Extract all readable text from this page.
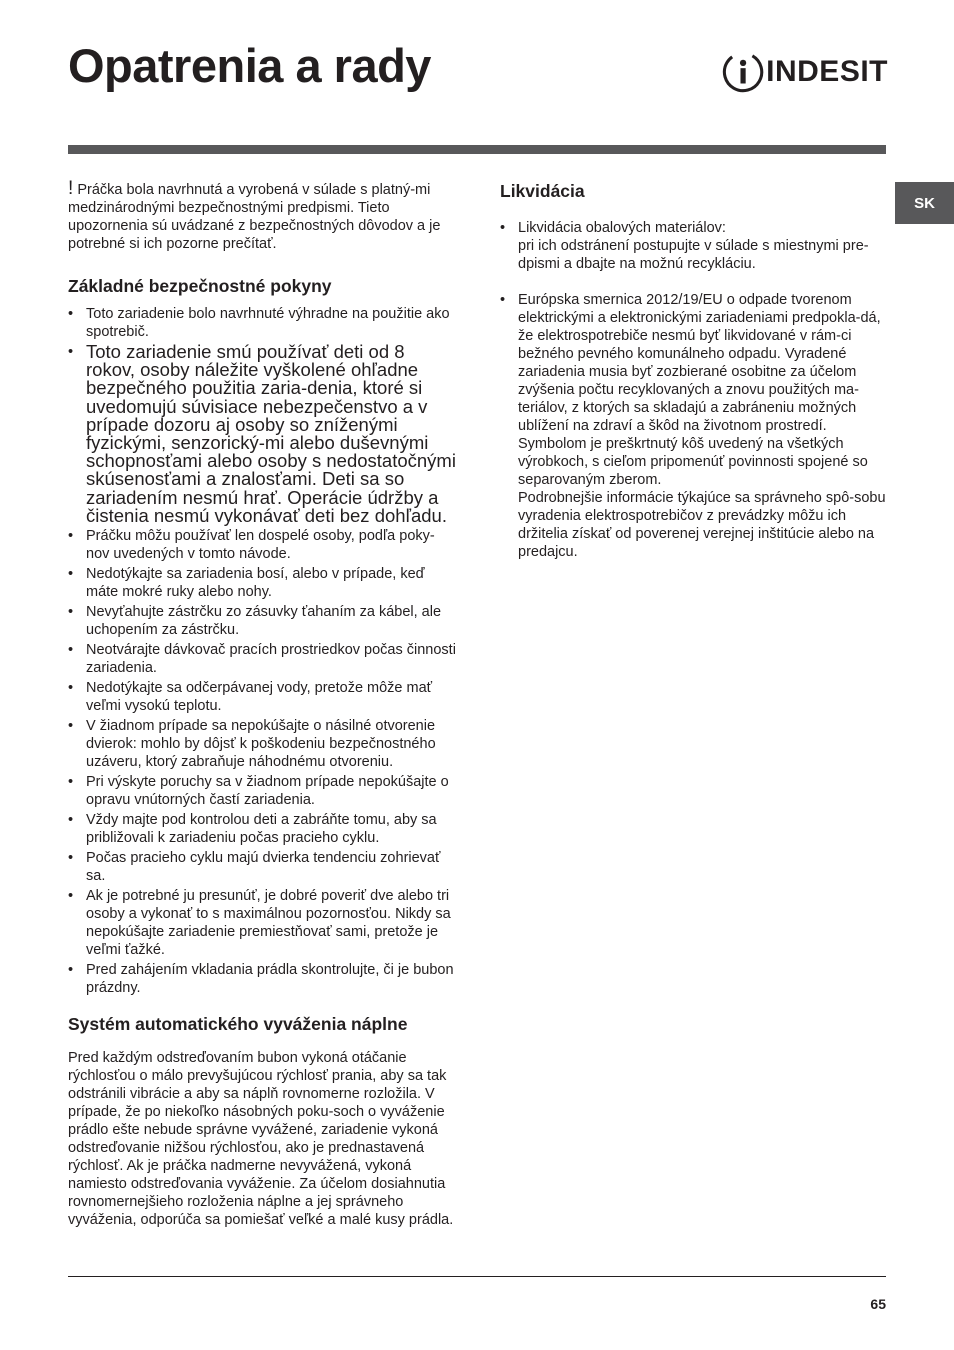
Opatrenia a rady	INDESIT
SK

! Práčka bola navrhnutá a vyrobená v súlade s platný-mi medzinárodnými bezpečnostnými predpismi. Tieto upozornenia sú uvádzané z bezpečnostných dôvodov a je potrebné si ich pozorne prečítať.

Základné bezpečnostné pokyny
• Toto zariadenie bolo navrhnuté výhradne na použitie ako spotrebič.
• Toto zariadenie smú používať deti od 8 rokov, osoby náležite vyškolené ohľadne bezpečného použitia zaria-denia, ktoré si uvedomujú súvisiace nebezpečenstvo a v prípade dozoru aj osoby so zníženými fyzickými, senzorický-mi alebo duševnými schopnosťami alebo osoby s nedostatočnými skúsenosťami a znalosťami. Deti sa so zariadením nesmú hrať. Operácie údržby a čistenia nesmú vykonávať deti bez dohľadu.
• Práčku môžu používať len dospelé osoby, podľa poky-nov uvedených v tomto návode.
• Nedotýkajte sa zariadenia bosí, alebo v prípade, keď máte mokré ruky alebo nohy.
• Nevyťahujte zástrčku zo zásuvky ťahaním za kábel, ale uchopením za zástrčku.
• Neotvárajte dávkovač pracích prostriedkov počas činnosti zariadenia.
• Nedotýkajte sa odčerpávanej vody, pretože môže mať veľmi vysokú teplotu.
• V žiadnom prípade sa nepokúšajte o násilné otvorenie dvierok: mohlo by dôjsť k poškodeniu bezpečnostného uzáveru, ktorý zabraňuje náhodnému otvoreniu.
• Pri výskyte poruchy sa v žiadnom prípade nepokúšajte o opravu vnútorných častí zariadenia.
• Vždy majte pod kontrolou deti a zabráňte tomu, aby sa približovali k zariadeniu počas pracieho cyklu.
• Počas pracieho cyklu majú dvierka tendenciu zohrievať sa.
• Ak je potrebné ju presunúť, je dobré poveriť dve alebo tri osoby a vykonať to s maximálnou pozornosťou. Nikdy sa nepokúšajte zariadenie premiestňovať sami, pretože je veľmi ťažké.
• Pred zahájením vkladania prádla skontrolujte, či je bubon prázdny.
Systém automatického vyváženia náplne

Pred každým odstreďovaním bubon vykoná otáčanie rýchlosťou o málo prevyšujúcou rýchlosť prania, aby sa tak odstránili vibrácie a aby sa náplň rovnomerne rozložila. V prípade, že po niekoľko násobných poku-soch o vyváženie prádlo ešte nebude správne vyvážené, zariadenie vykoná odstreďovanie nižšou rýchlosťou, ako je prednastavená rýchlosť. Ak je práčka nadmerne nevyvážená, vykoná namiesto odstreďovania vyváženie. Za účelom dosiahnutia rovnomernejšieho rozloženia náplne a jej správneho vyváženia, odporúča sa pomiešať veľké a malé kusy prádla.

Likvidácia
• Likvidácia obalových materiálov:
pri ich odstránení postupujte v súlade s miestnymi pre-dpismi a dbajte na možnú recykláciu.
• Európska smernica 2012/19/EU o odpade tvorenom elektrickými a elektronickými zariadeniami predpokla-dá, že elektrospotrebiče nesmú byť likvidované v rám-ci bežného pevného komunálneho odpadu. Vyradené zariadenia musia byť zozbierané osobitne za účelom zvýšenia počtu recyklovaných a znovu použitých ma-teriálov, z ktorých sa skladajú a zabráneniu možných ublížení na zdraví a škôd na životnom prostredí. Symbolom je preškrtnutý kôš uvedený na všetkých výrobkoch, s cieľom pripomenúť povinnosti spojené so separovaným zberom.
Podrobnejšie informácie týkajúce sa správneho spô-sobu vyradenia elektrospotrebičov z prevádzky môžu ich držitelia získať od poverenej verejnej inštitúcie alebo na predajcu.
65
